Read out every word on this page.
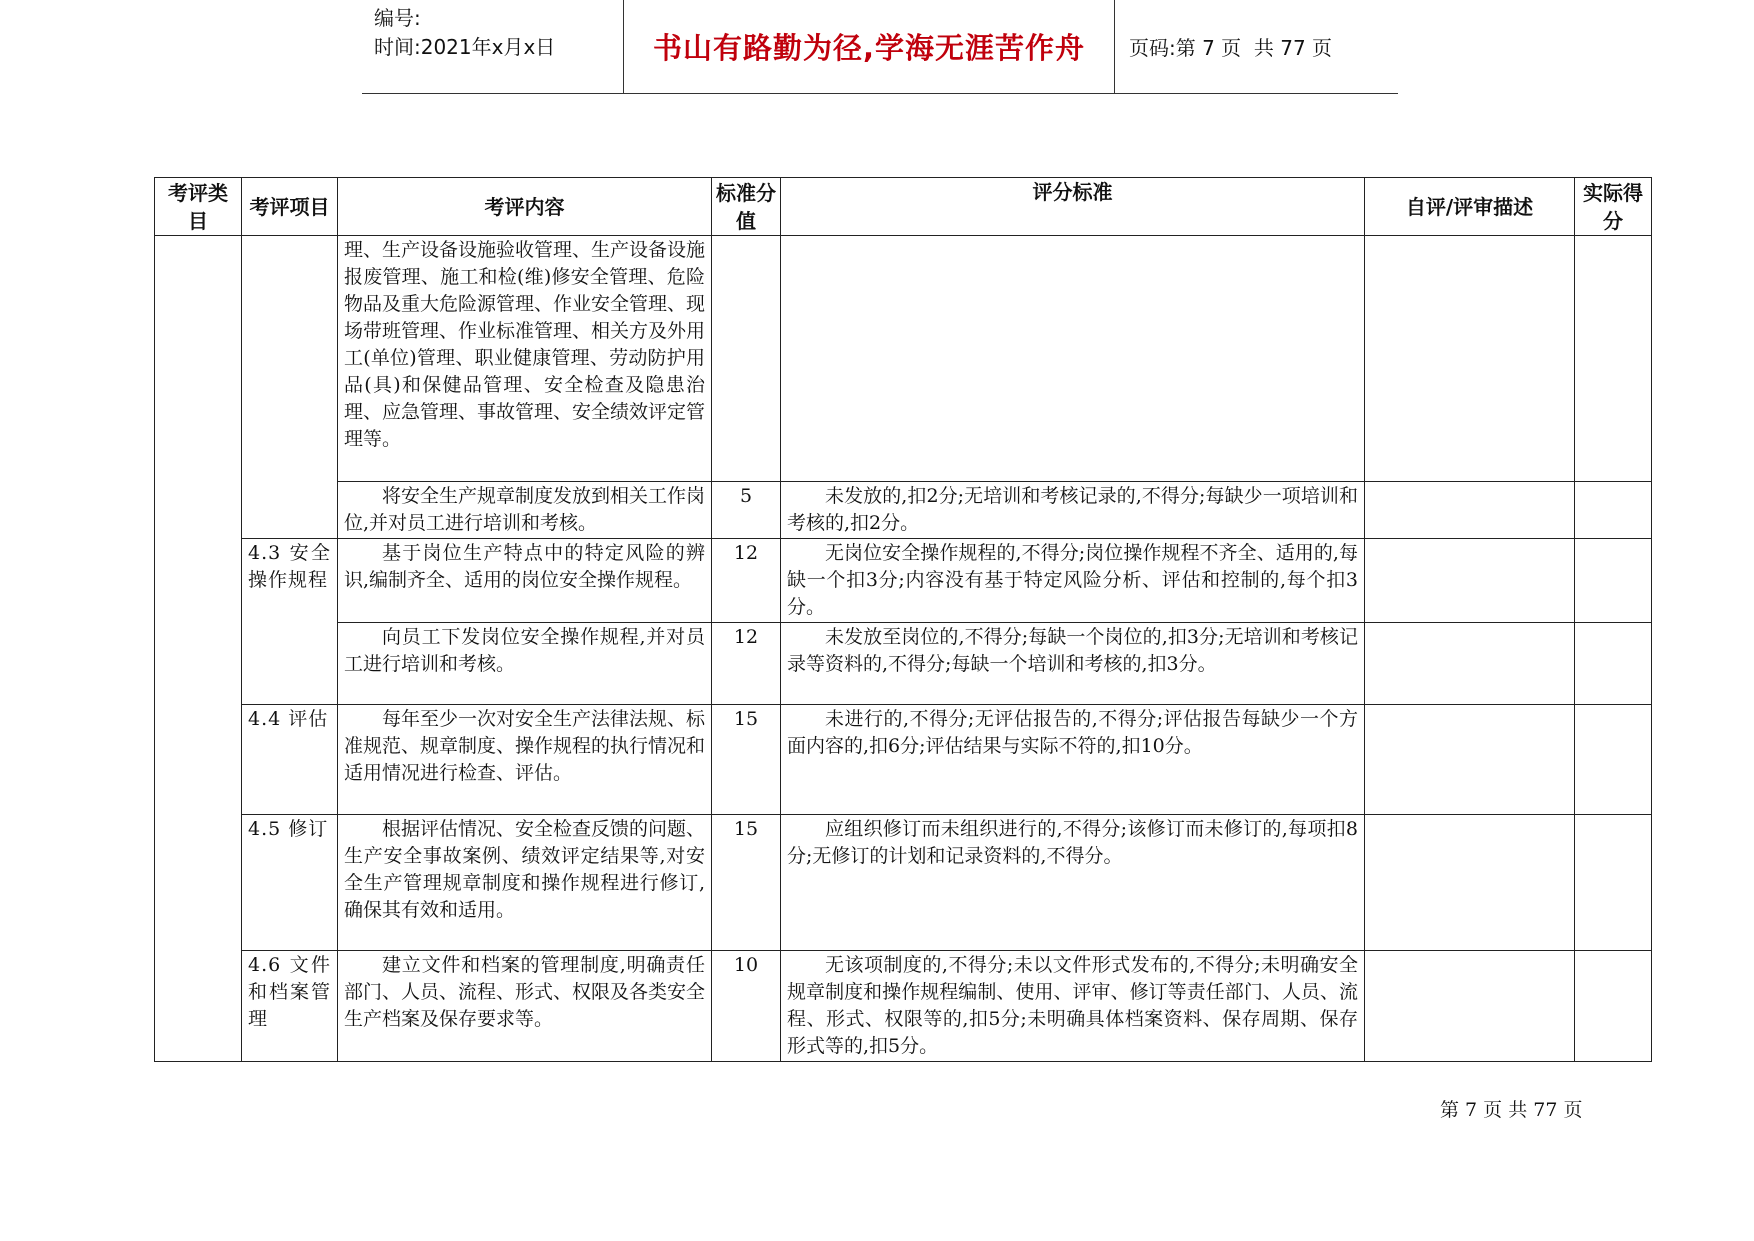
编号:
时间:2021年x月x日	书山有路勤为径,学海无涯苦作舟	页码:第 7 页  共 77 页
考评类目	考评项目	考评内容	标准分值	评分标准	自评/评审描述	实际得分
		理、生产设备设施验收管理、生产设备设施报废管理、施工和检(维)修安全管理、危险物品及重大危险源管理、作业安全管理、现场带班管理、作业标准管理、相关方及外用工(单位)管理、职业健康管理、劳动防护用品(具)和保健品管理、安全检查及隐患治理、应急管理、事故管理、安全绩效评定管理等。				
		将安全生产规章制度发放到相关工作岗位,并对员工进行培训和考核。	5	未发放的,扣2分;无培训和考核记录的,不得分;每缺少一项培训和考核的,扣2分。		
	4.3 安全操作规程	基于岗位生产特点中的特定风险的辨识,编制齐全、适用的岗位安全操作规程。	12	无岗位安全操作规程的,不得分;岗位操作规程不齐全、适用的,每缺一个扣3分;内容没有基于特定风险分析、评估和控制的,每个扣3分。		
		向员工下发岗位安全操作规程,并对员工进行培训和考核。	12	未发放至岗位的,不得分;每缺一个岗位的,扣3分;无培训和考核记录等资料的,不得分;每缺一个培训和考核的,扣3分。		
	4.4 评估	每年至少一次对安全生产法律法规、标准规范、规章制度、操作规程的执行情况和适用情况进行检查、评估。	15	未进行的,不得分;无评估报告的,不得分;评估报告每缺少一个方面内容的,扣6分;评估结果与实际不符的,扣10分。		
	4.5 修订	根据评估情况、安全检查反馈的问题、生产安全事故案例、绩效评定结果等,对安全生产管理规章制度和操作规程进行修订,确保其有效和适用。	15	应组织修订而未组织进行的,不得分;该修订而未修订的,每项扣8分;无修订的计划和记录资料的,不得分。		
	4.6 文件和档案管理	建立文件和档案的管理制度,明确责任部门、人员、流程、形式、权限及各类安全生产档案及保存要求等。	10	无该项制度的,不得分;未以文件形式发布的,不得分;未明确安全规章制度和操作规程编制、使用、评审、修订等责任部门、人员、流程、形式、权限等的,扣5分;未明确具体档案资料、保存周期、保存形式等的,扣5分。		
第 7 页 共 77 页
